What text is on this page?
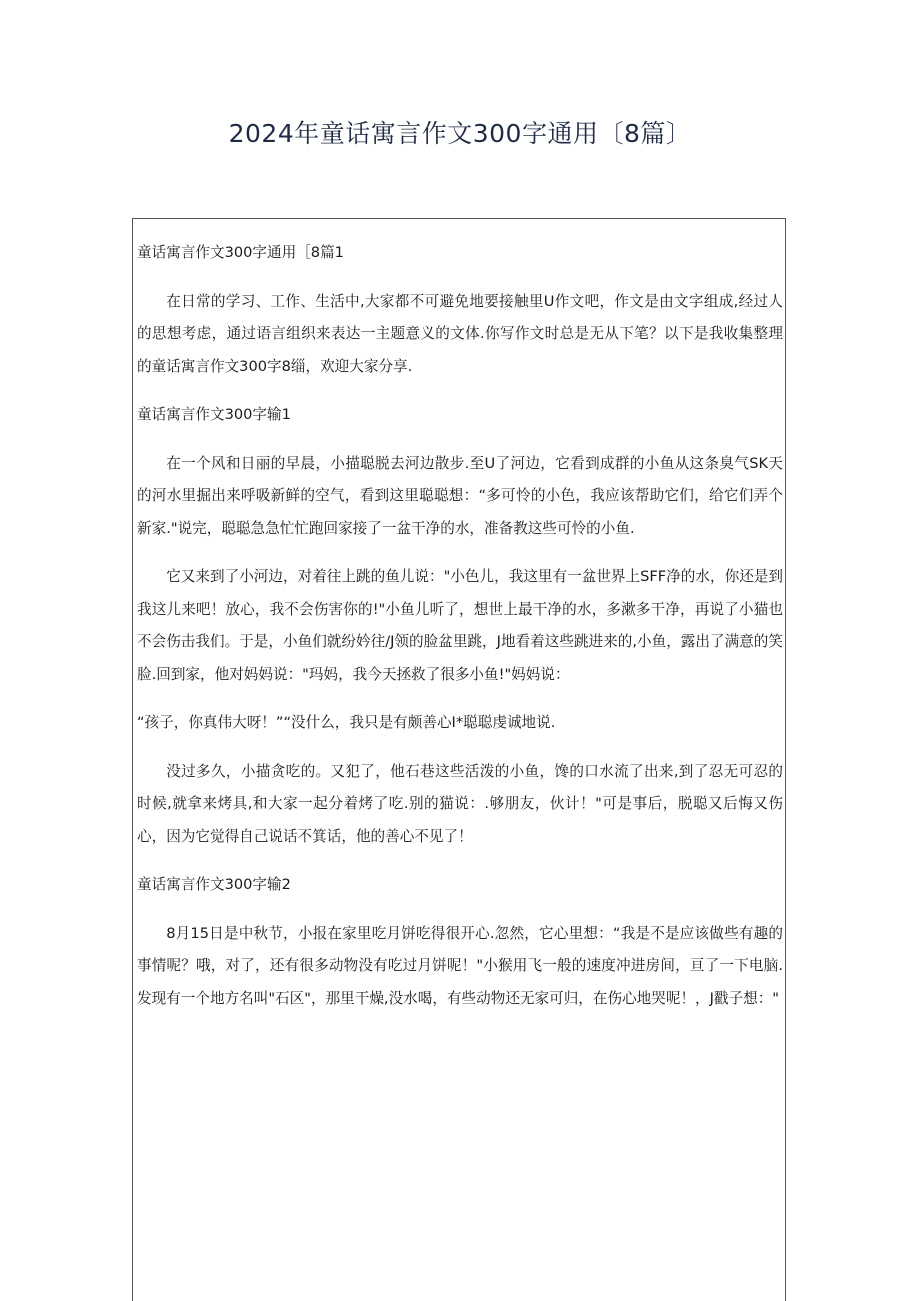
2024年童话寓言作文300字通用〔8篇〕

童话寓言作文300字通用［8篇1

在日常的学习、工作、生活中,大家都不可避免地要接触里U作文吧，作文是由文字组成,经过人的思想考虑，通过语言组织来表达一主题意义的文体.你写作文时总是无从下笔？以下是我收集整理的童话寓言作文300字8缁，欢迎大家分享.

童话寓言作文300字输1

在一个风和日丽的早晨，小描聪脱去河边散步.至U了河边，它看到成群的小鱼从这条臭气SK天的河水里掘出来呼吸新鲜的空气，看到这里聪聪想：“多可怜的小色，我应该帮助它们，给它们弄个新家."说完，聪聪急急忙忙跑回家接了一盆干净的水，准备教这些可怜的小鱼.

它又来到了小河边，对着往上跳的鱼儿说："小色儿，我这里有一盆世界上SFF净的水，你还是到我这儿来吧！放心，我不会伤害你的!"小鱼儿听了，想世上最干净的水，多漱多干净，再说了小猫也不会伤击我们。于是，小鱼们就纷妗往/J领的脸盆里跳，J地看着这些跳进来的,小鱼，露出了满意的笑脸.回到家，他对妈妈说："玛妈，我今天拯救了很多小鱼!"妈妈说：

“孩子，你真伟大呀！”“没什么，我只是有颇善心I*聪聪虔诚地说.

没过多久，小描贪吃的。又犯了，他石巷这些活泼的小鱼，馋的口水流了出来,到了忍无可忍的时候,就拿来烤具,和大家一起分着烤了吃.别的猫说：.够朋友，伙计！"可是事后，脱聪又后悔又伤心，因为它觉得自己说话不箕话，他的善心不见了！

童话寓言作文300字输2

8月15日是中秋节，小报在家里吃月饼吃得很开心.忽然，它心里想：“我是不是应该做些有趣的事情呢？哦，对了，还有很多动物没有吃过月饼呢！"小猴用飞一般的速度冲进房间，亘了一下电脑.发现有一个地方名叫"石区"，那里干燥,没水喝，有些动物还无家可归，在伤心地哭呢！，J戳子想："
